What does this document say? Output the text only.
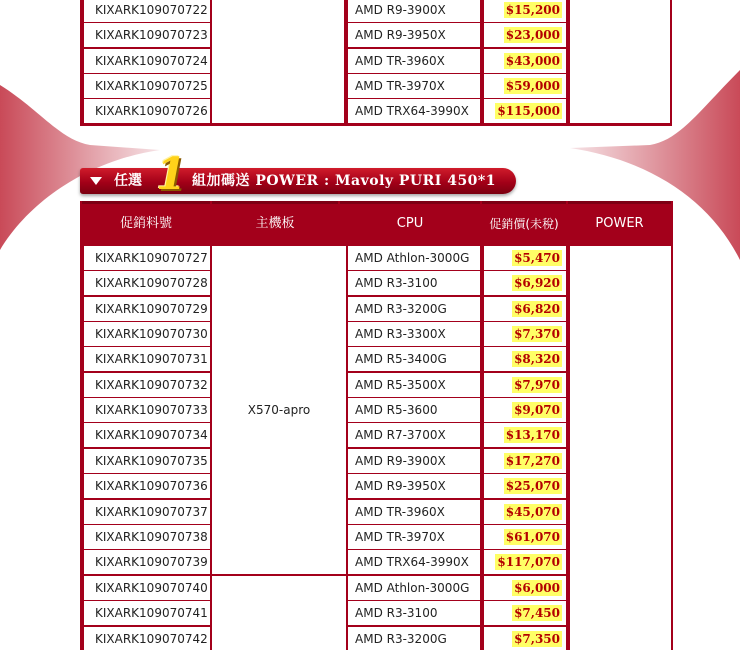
KIXARK109070722	AMD R9-3900X	$15,200
KIXARK109070723	AMD R9-3950X	$23,000
KIXARK109070724	AMD TR-3960X	$43,000
KIXARK109070725	AMD TR-3970X	$59,000
KIXARK109070726	AMD TRX64-3990X	$115,000
任選 1 組加碼送 POWER : Mavoly PURI 450*1
促銷料號	主機板	CPU	促銷價(未稅)	POWER
X570-apro
KIXARK109070727	AMD Athlon-3000G	$5,470
KIXARK109070728	AMD R3-3100	$6,920
KIXARK109070729	AMD R3-3200G	$6,820
KIXARK109070730	AMD R3-3300X	$7,370
KIXARK109070731	AMD R5-3400G	$8,320
KIXARK109070732	AMD R5-3500X	$7,970
KIXARK109070733	AMD R5-3600	$9,070
KIXARK109070734	AMD R7-3700X	$13,170
KIXARK109070735	AMD R9-3900X	$17,270
KIXARK109070736	AMD R9-3950X	$25,070
KIXARK109070737	AMD TR-3960X	$45,070
KIXARK109070738	AMD TR-3970X	$61,070
KIXARK109070739	AMD TRX64-3990X	$117,070
KIXARK109070740	AMD Athlon-3000G	$6,000
KIXARK109070741	AMD R3-3100	$7,450
KIXARK109070742	AMD R3-3200G	$7,350
